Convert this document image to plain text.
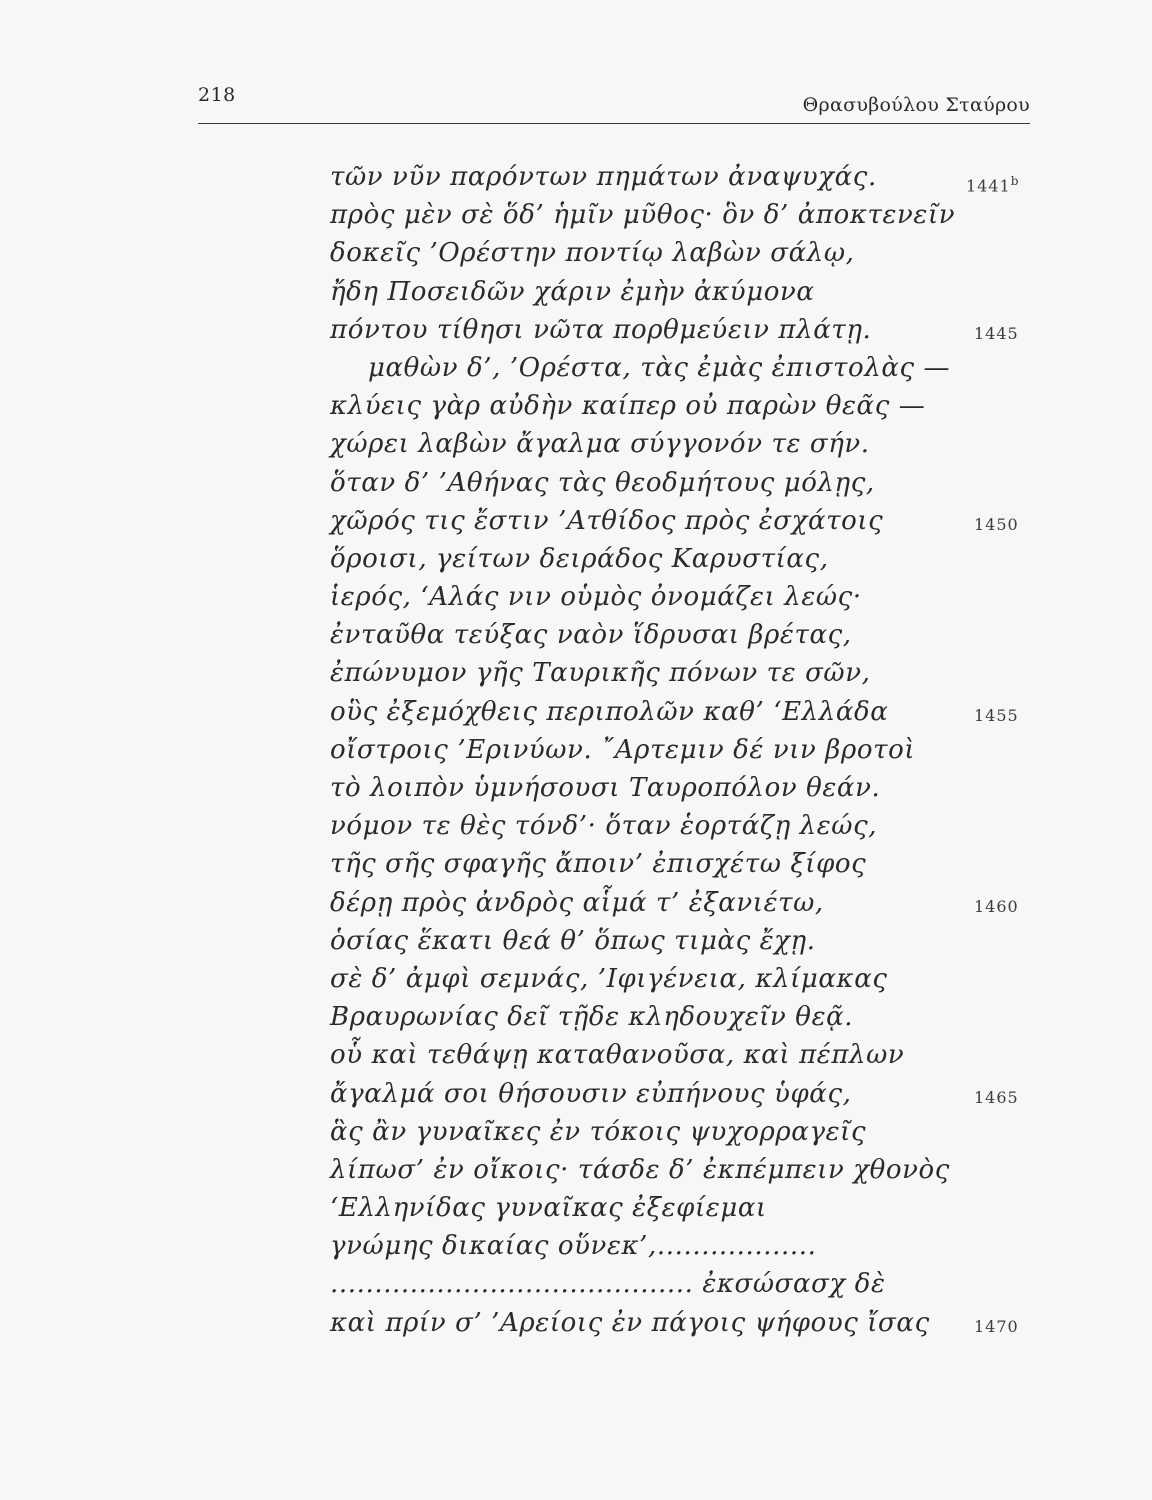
218	Θρασυβούλου Σταύρου
τῶν νῦν παρόντων πημάτων ἀναψυχάς.	1441$^b$
πρὸς μὲν σὲ ὅδ’ ἡμῖν μῦθος· ὃν δ’ ἀποκτενεῖν
δοκεῖς ’Ορέστην ποντίῳ λαβὼν σάλῳ,
ἤδη Ποσειδῶν χάριν ἐμὴν ἀκύμονα
πόντου τίθησι νῶτα πορθμεύειν πλάτῃ.	1445
μαθὼν δ’, ’Ορέστα, τὰς ἐμὰς ἐπιστολὰς —
κλύεις γὰρ αὐδὴν καίπερ οὐ παρὼν θεᾶς —
χώρει λαβὼν ἄγαλμα σύγγονόν τε σήν.
ὅταν δ’ ’Αθήνας τὰς θεοδμήτους μόλῃς,
χῶρός τις ἔστιν ’Ατθίδος πρὸς ἐσχάτοις	1450
ὅροισι, γείτων δειράδος Καρυστίας,
ἱερός, ‘Αλάς νιν οὑμὸς ὀνομάζει λεώς·
ἐνταῦθα τεύξας ναὸν ἵδρυσαι βρέτας,
ἐπώνυμον γῆς Ταυρικῆς πόνων τε σῶν,
οὓς ἐξεμόχθεις περιπολῶν καθ’ ‘Ελλάδα	1455
οἴστροις ’Ερινύων. ῎Αρτεμιν δέ νιν βροτοὶ
τὸ λοιπὸν ὑμνήσουσι Ταυροπόλον θεάν.
νόμον τε θὲς τόνδ’· ὅταν ἑορτάζῃ λεώς,
τῆς σῆς σφαγῆς ἄποιν’ ἐπισχέτω ξίφος
δέρῃ πρὸς ἀνδρὸς αἷμά τ’ ἐξανιέτω,	1460
ὁσίας ἕκατι θεά θ’ ὅπως τιμὰς ἔχῃ.
σὲ δ’ ἀμφὶ σεμνάς, ’Ιφιγένεια, κλίμακας
Βραυρωνίας δεῖ τῇδε κληδουχεῖν θεᾷ.
οὗ καὶ τεθάψῃ καταθανοῦσα, καὶ πέπλων
ἄγαλμά σοι θήσουσιν εὐπήνους ὑφάς,	1465
ἃς ἂν γυναῖκες ἐν τόκοις ψυχορραγεῖς
λίπωσ’ ἐν οἴκοις· τάσδε δ’ ἐκπέμπειν χθονὸς
‘Ελληνίδας γυναῖκας ἐξεφίεμαι
γνώμης δικαίας οὕνεκ’,..................
......................................... ἐκσώσασχ δὲ
καὶ πρίν σ’ ’Αρείοις ἐν πάγοις ψήφους ἴσας	1470
